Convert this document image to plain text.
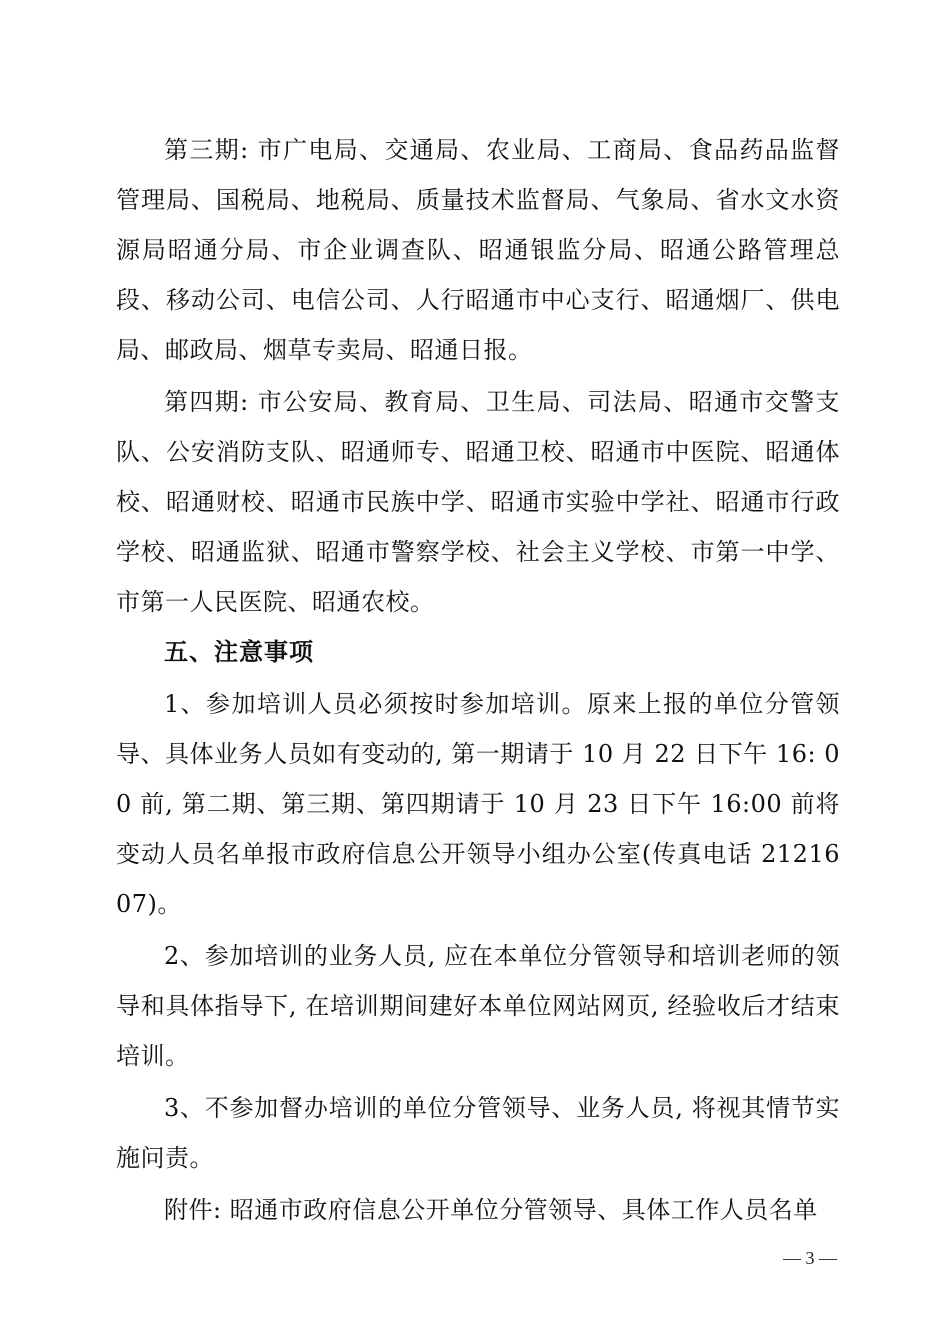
第三期: 市广电局、交通局、农业局、工商局、食品药品监督管理局、国税局、地税局、质量技术监督局、气象局、省水文水资源局昭通分局、市企业调查队、昭通银监分局、昭通公路管理总段、移动公司、电信公司、人行昭通市中心支行、昭通烟厂、供电局、邮政局、烟草专卖局、昭通日报。

第四期: 市公安局、教育局、卫生局、司法局、昭通市交警支队、公安消防支队、昭通师专、昭通卫校、昭通市中医院、昭通体校、昭通财校、昭通市民族中学、昭通市实验中学社、昭通市行政学校、昭通监狱、昭通市警察学校、社会主义学校、市第一中学、市第一人民医院、昭通农校。

五、注意事项

1、参加培训人员必须按时参加培训。原来上报的单位分管领导、具体业务人员如有变动的, 第一期请于 10 月 22 日下午 16: 00 前, 第二期、第三期、第四期请于 10 月 23 日下午 16:00 前将变动人员名单报市政府信息公开领导小组办公室(传真电话 2121607)。

2、参加培训的业务人员, 应在本单位分管领导和培训老师的领导和具体指导下, 在培训期间建好本单位网站网页, 经验收后才结束培训。

3、不参加督办培训的单位分管领导、业务人员, 将视其情节实施问责。

附件: 昭通市政府信息公开单位分管领导、具体工作人员名单

— 3 —
